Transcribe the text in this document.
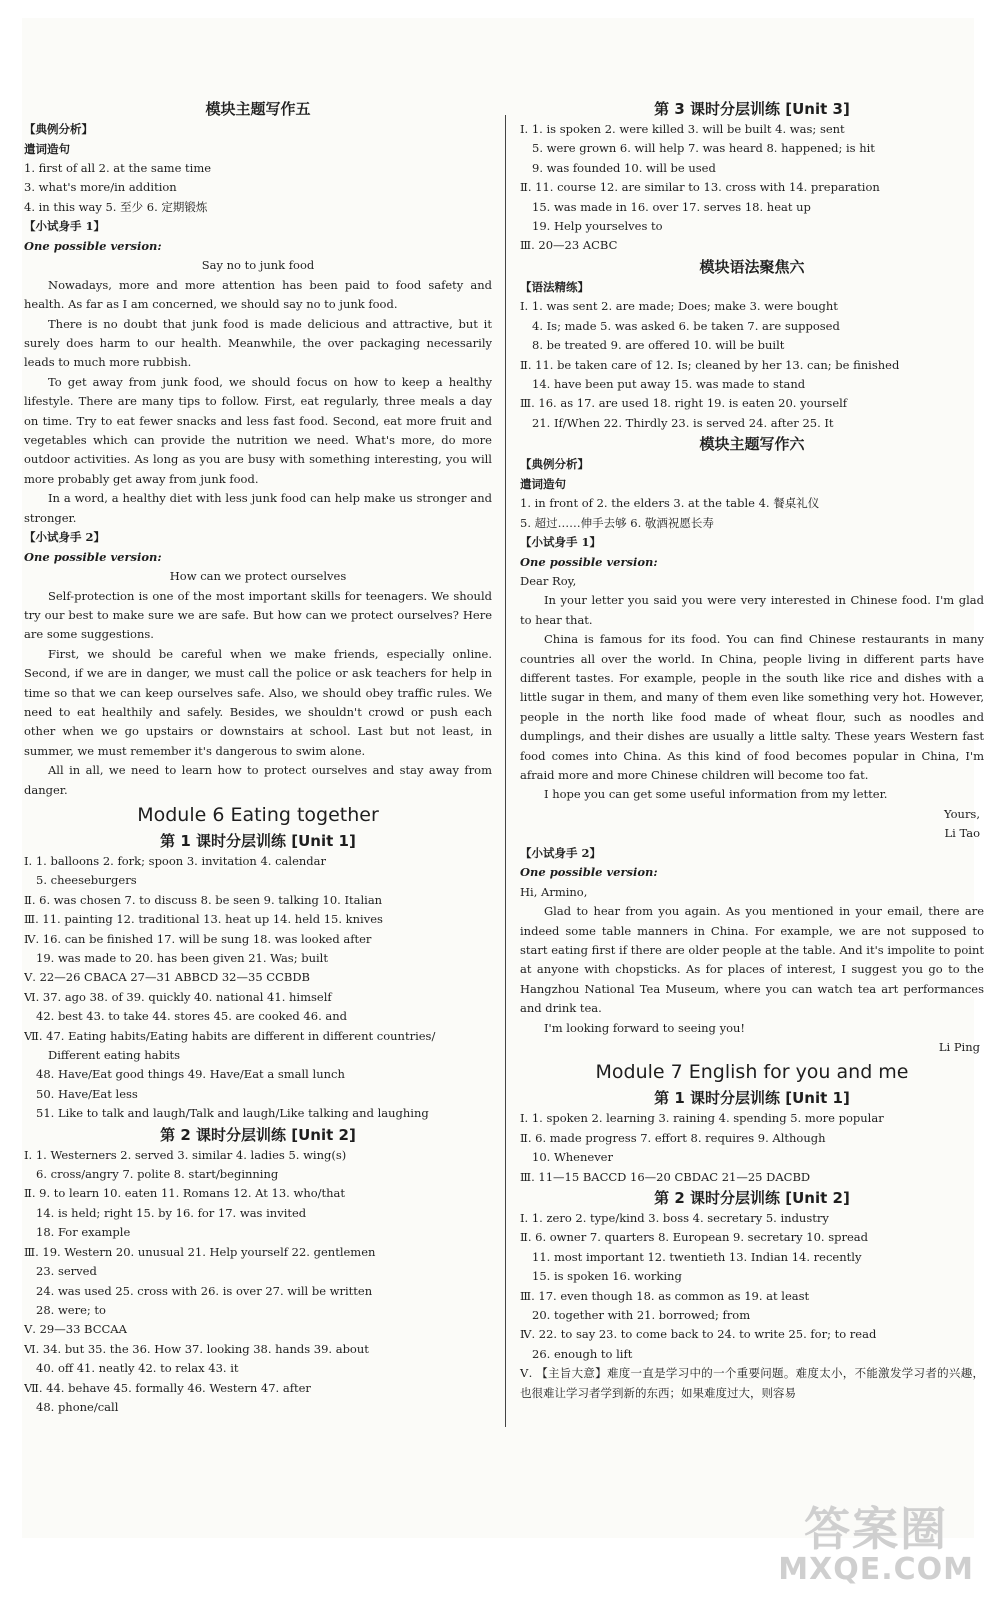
模块主题写作五
【典例分析】
遣词造句
1. first of all 2. at the same time
3. what's more/in addition
4. in this way 5. 至少 6. 定期锻炼
【小试身手 1】
One possible version:
Say no to junk food

Nowadays, more and more attention has been paid to food safety and health. As far as I am concerned, we should say no to junk food.

There is no doubt that junk food is made delicious and attractive, but it surely does harm to our health. Meanwhile, the over packaging necessarily leads to much more rubbish.

To get away from junk food, we should focus on how to keep a healthy lifestyle. There are many tips to follow. First, eat regularly, three meals a day on time. Try to eat fewer snacks and less fast food. Second, eat more fruit and vegetables which can provide the nutrition we need. What's more, do more outdoor activities. As long as you are busy with something interesting, you will more probably get away from junk food.

In a word, a healthy diet with less junk food can help make us stronger and stronger.

【小试身手 2】
One possible version:
How can we protect ourselves

Self-protection is one of the most important skills for teenagers. We should try our best to make sure we are safe. But how can we protect ourselves? Here are some suggestions.

First, we should be careful when we make friends, especially online. Second, if we are in danger, we must call the police or ask teachers for help in time so that we can keep ourselves safe. Also, we should obey traffic rules. We need to eat healthily and safely. Besides, we shouldn't crowd or push each other when we go upstairs or downstairs at school. Last but not least, in summer, we must remember it's dangerous to swim alone.

All in all, we need to learn how to protect ourselves and stay away from danger.

Module 6 Eating together
第 1 课时分层训练 [Unit 1]
Ⅰ. 1. balloons 2. fork; spoon 3. invitation 4. calendar
5. cheeseburgers
Ⅱ. 6. was chosen 7. to discuss 8. be seen 9. talking 10. Italian
Ⅲ. 11. painting 12. traditional 13. heat up 14. held 15. knives
Ⅳ. 16. can be finished 17. will be sung 18. was looked after
19. was made to 20. has been given 21. Was; built
Ⅴ. 22—26 CBACA 27—31 ABBCD 32—35 CCBDB
Ⅵ. 37. ago 38. of 39. quickly 40. national 41. himself
42. best 43. to take 44. stores 45. are cooked 46. and
Ⅶ. 47. Eating habits/Eating habits are different in different countries/
Different eating habits
48. Have/Eat good things 49. Have/Eat a small lunch
50. Have/Eat less
51. Like to talk and laugh/Talk and laugh/Like talking and laughing
第 2 课时分层训练 [Unit 2]
Ⅰ. 1. Westerners 2. served 3. similar 4. ladies 5. wing(s)
6. cross/angry 7. polite 8. start/beginning
Ⅱ. 9. to learn 10. eaten 11. Romans 12. At 13. who/that
14. is held; right 15. by 16. for 17. was invited
18. For example
Ⅲ. 19. Western 20. unusual 21. Help yourself 22. gentlemen
23. served
24. was used 25. cross with 26. is over 27. will be written
28. were; to
Ⅴ. 29—33 BCCAA
Ⅵ. 34. but 35. the 36. How 37. looking 38. hands 39. about
40. off 41. neatly 42. to relax 43. it
Ⅶ. 44. behave 45. formally 46. Western 47. after
48. phone/call
第 3 课时分层训练 [Unit 3]
Ⅰ. 1. is spoken 2. were killed 3. will be built 4. was; sent
5. were grown 6. will help 7. was heard 8. happened; is hit
9. was founded 10. will be used
Ⅱ. 11. course 12. are similar to 13. cross with 14. preparation
15. was made in 16. over 17. serves 18. heat up
19. Help yourselves to
Ⅲ. 20—23 ACBC
模块语法聚焦六
【语法精练】
Ⅰ. 1. was sent 2. are made; Does; make 3. were bought
4. Is; made 5. was asked 6. be taken 7. are supposed
8. be treated 9. are offered 10. will be built
Ⅱ. 11. be taken care of 12. Is; cleaned by her 13. can; be finished
14. have been put away 15. was made to stand
Ⅲ. 16. as 17. are used 18. right 19. is eaten 20. yourself
21. If/When 22. Thirdly 23. is served 24. after 25. It
模块主题写作六
【典例分析】
遣词造句
1. in front of 2. the elders 3. at the table 4. 餐桌礼仪
5. 超过……伸手去够 6. 敬酒祝愿长寿
【小试身手 1】
One possible version:
Dear Roy,

In your letter you said you were very interested in Chinese food. I'm glad to hear that.

China is famous for its food. You can find Chinese restaurants in many countries all over the world. In China, people living in different parts have different tastes. For example, people in the south like rice and dishes with a little sugar in them, and many of them even like something very hot. However, people in the north like food made of wheat flour, such as noodles and dumplings, and their dishes are usually a little salty. These years Western fast food comes into China. As this kind of food becomes popular in China, I'm afraid more and more Chinese children will become too fat.

I hope you can get some useful information from my letter.

Yours,
Li Tao
【小试身手 2】
One possible version:
Hi, Armino,

Glad to hear from you again. As you mentioned in your email, there are indeed some table manners in China. For example, we are not supposed to start eating first if there are older people at the table. And it's impolite to point at anyone with chopsticks. As for places of interest, I suggest you go to the Hangzhou National Tea Museum, where you can watch tea art performances and drink tea.

I'm looking forward to seeing you!

Li Ping
Module 7 English for you and me
第 1 课时分层训练 [Unit 1]
Ⅰ. 1. spoken 2. learning 3. raining 4. spending 5. more popular
Ⅱ. 6. made progress 7. effort 8. requires 9. Although
10. Whenever
Ⅲ. 11—15 BACCD 16—20 CBDAC 21—25 DACBD
第 2 课时分层训练 [Unit 2]
Ⅰ. 1. zero 2. type/kind 3. boss 4. secretary 5. industry
Ⅱ. 6. owner 7. quarters 8. European 9. secretary 10. spread
11. most important 12. twentieth 13. Indian 14. recently
15. is spoken 16. working
Ⅲ. 17. even though 18. as common as 19. at least
20. together with 21. borrowed; from
Ⅳ. 22. to say 23. to come back to 24. to write 25. for; to read
26. enough to lift

Ⅴ. 【主旨大意】难度一直是学习中的一个重要问题。难度太小，不能激发学习者的兴趣，也很难让学习者学到新的东西；如果难度过大，则容易

答案圈
MXQE.COM
